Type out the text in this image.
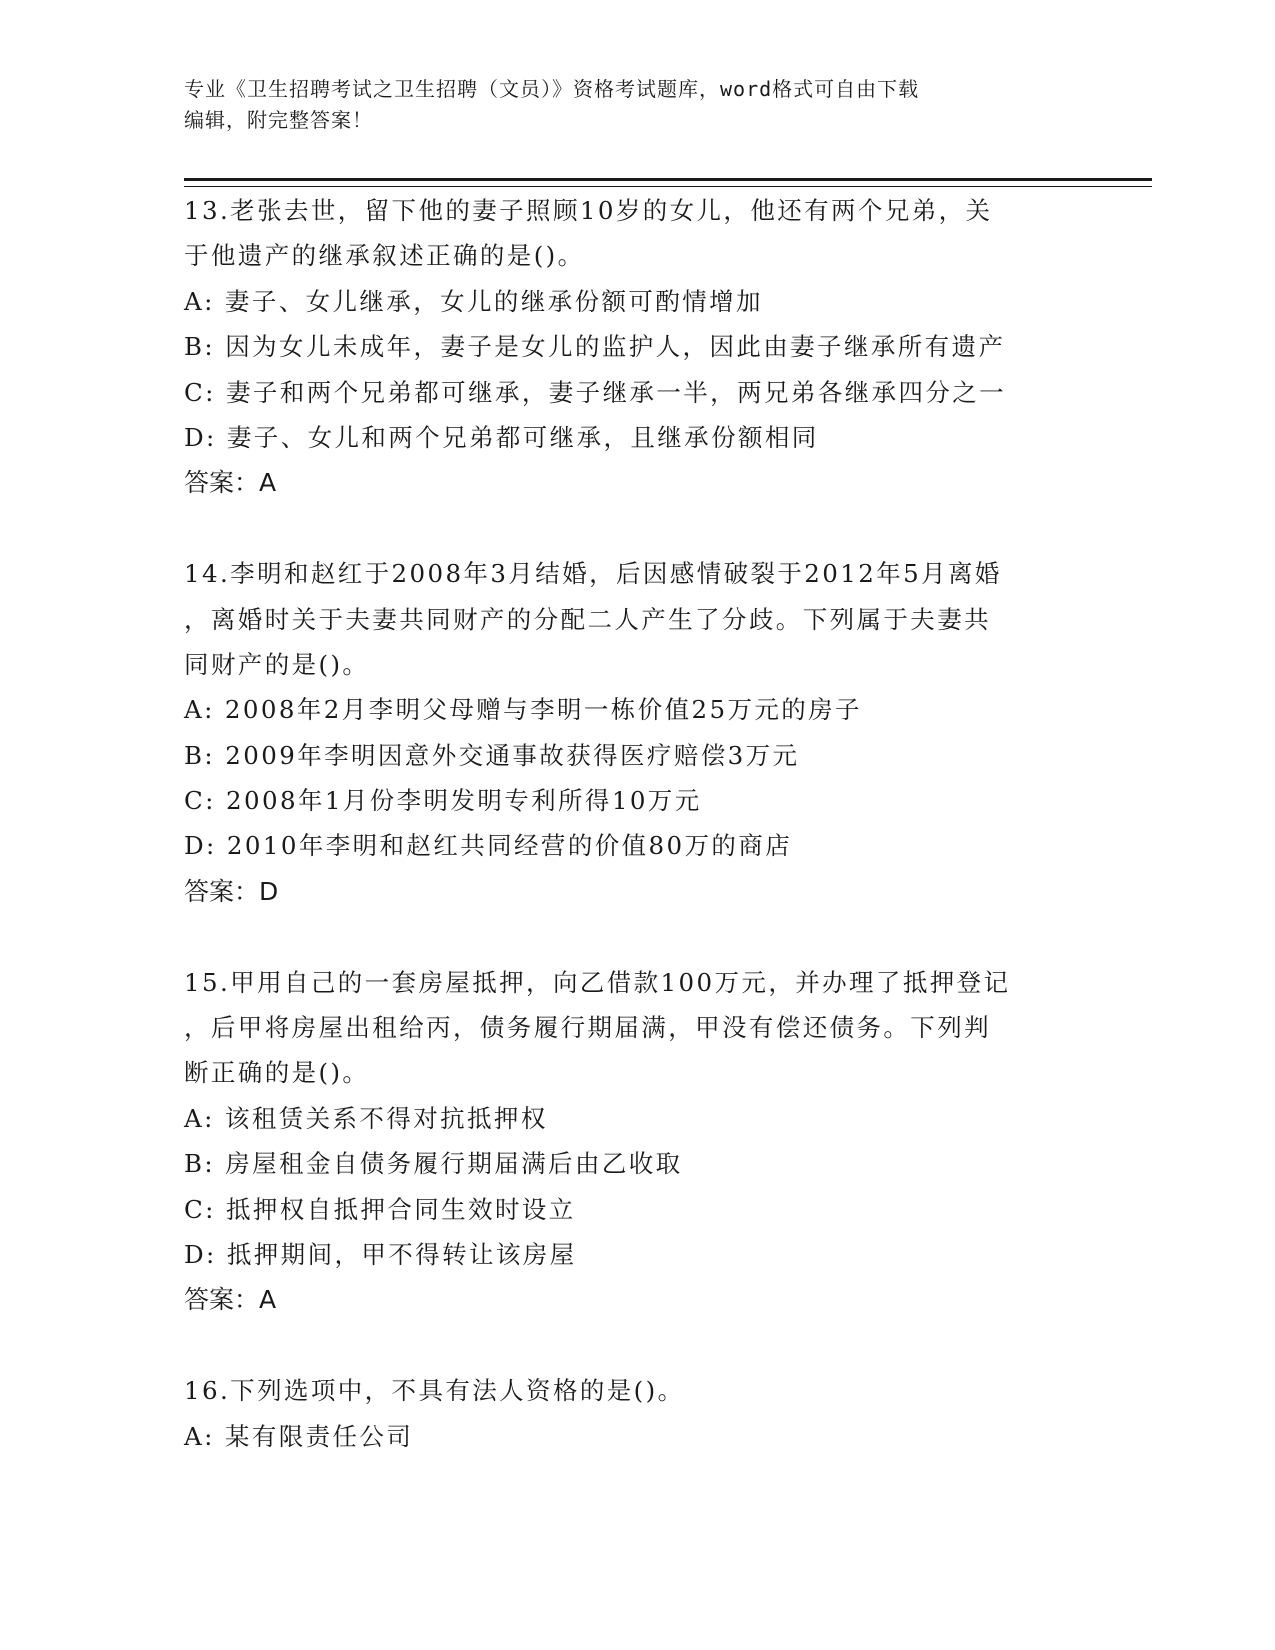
专业《卫生招聘考试之卫生招聘（文员）》资格考试题库，word格式可自由下载
编辑，附完整答案！
13.老张去世，留下他的妻子照顾10岁的女儿，他还有两个兄弟，关
于他遗产的继承叙述正确的是()。
A: 妻子、女儿继承，女儿的继承份额可酌情增加
B: 因为女儿未成年，妻子是女儿的监护人，因此由妻子继承所有遗产
C: 妻子和两个兄弟都可继承，妻子继承一半，两兄弟各继承四分之一
D: 妻子、女儿和两个兄弟都可继承，且继承份额相同
答案：A
14.李明和赵红于2008年3月结婚，后因感情破裂于2012年5月离婚
，离婚时关于夫妻共同财产的分配二人产生了分歧。下列属于夫妻共
同财产的是()。
A: 2008年2月李明父母赠与李明一栋价值25万元的房子
B: 2009年李明因意外交通事故获得医疗赔偿3万元
C: 2008年1月份李明发明专利所得10万元
D: 2010年李明和赵红共同经营的价值80万的商店
答案：D
15.甲用自己的一套房屋抵押，向乙借款100万元，并办理了抵押登记
，后甲将房屋出租给丙，债务履行期届满，甲没有偿还债务。下列判
断正确的是()。
A: 该租赁关系不得对抗抵押权
B: 房屋租金自债务履行期届满后由乙收取
C: 抵押权自抵押合同生效时设立
D: 抵押期间，甲不得转让该房屋
答案：A
16.下列选项中，不具有法人资格的是()。
A: 某有限责任公司
